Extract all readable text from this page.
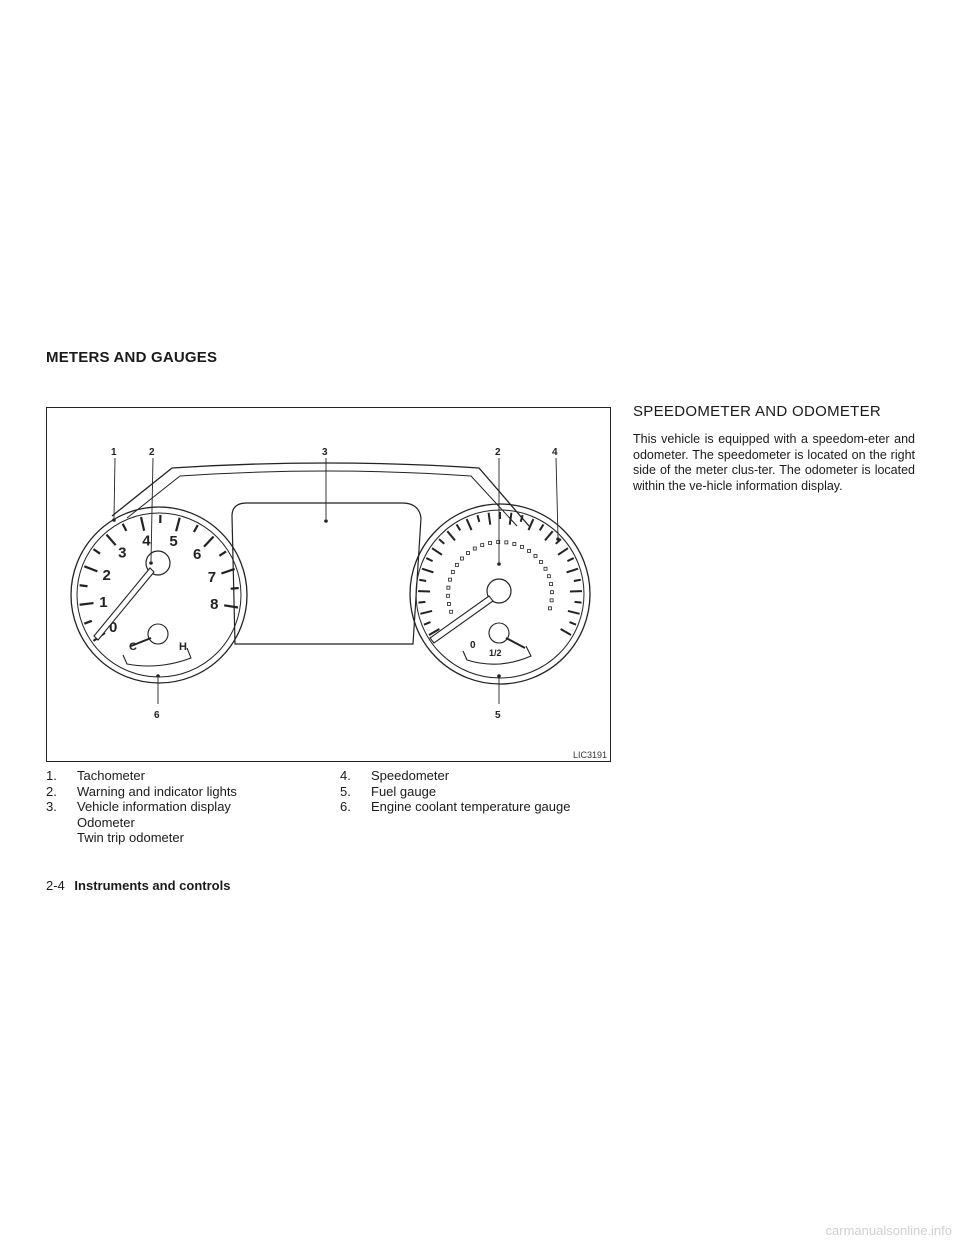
METERS AND GAUGES
0
1
2
3
4 5
6
7
8
C	H	0
1/2
1	2	3	2	4
6	5
LIC3191
1.	Tachometer
2.	Warning and indicator lights
3.	Vehicle information display
Odometer
Twin trip odometer
4.	Speedometer
5.	Fuel gauge
6.	Engine coolant temperature gauge
SPEEDOMETER AND ODOMETER

This vehicle is equipped with a speedom-eter and odometer. The speedometer is located on the right side of the meter clus-ter. The odometer is located within the ve-hicle information display.

2-4 Instruments and controls
carmanualsonline.info
